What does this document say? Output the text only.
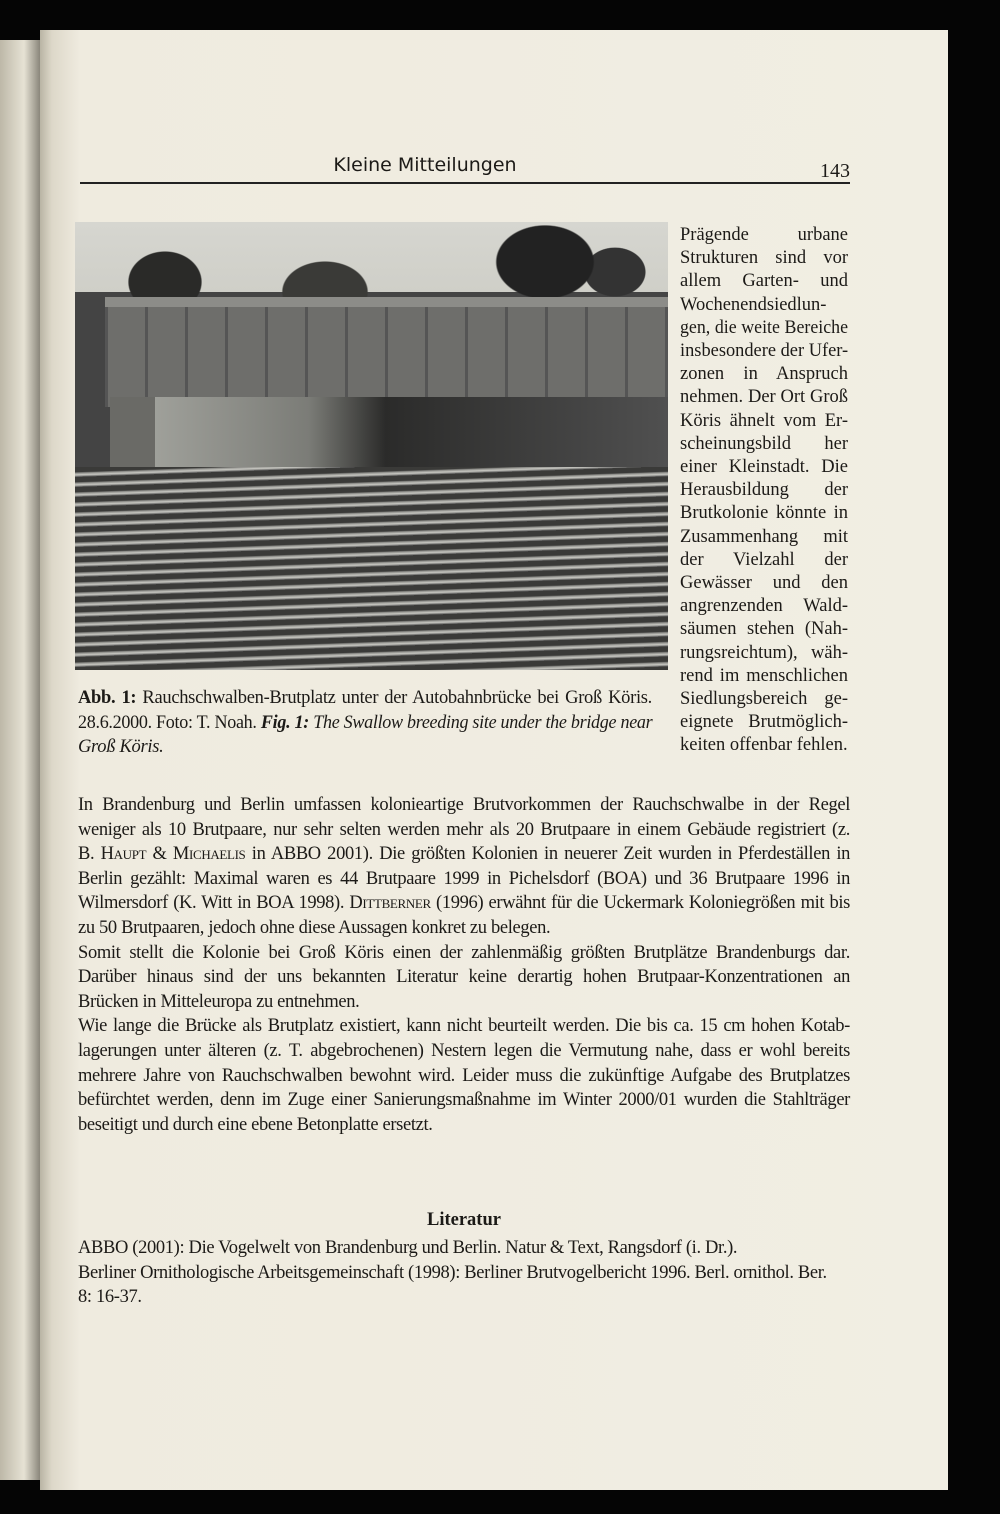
Kleine Mitteilungen	143
Abb. 1: Rauchschwalben-Brutplatz unter der Autobahnbrücke bei Groß Köris.
28.6.2000. Foto: T. Noah. Fig. 1: The Swallow breeding site under the bridge near
Groß Köris.
Prägende urbane
Strukturen sind vor
allem Garten- und
Wochenendsiedlun-
gen, die weite Bereiche
insbesondere der Ufer-
zonen in Anspruch
nehmen. Der Ort Groß
Köris ähnelt vom Er-
scheinungsbild her
einer Kleinstadt. Die
Herausbildung der
Brutkolonie könnte in
Zusammenhang mit
der Vielzahl der
Gewässer und den
angrenzenden Wald-
säumen stehen (Nah-
rungsreichtum), wäh-
rend im menschlichen
Siedlungsbereich ge-
eignete Brutmöglich-
keiten offenbar fehlen.
In Brandenburg und Berlin umfassen kolonieartige Brutvorkommen der Rauchschwalbe in der Regel
weniger als 10 Brutpaare, nur sehr selten werden mehr als 20 Brutpaare in einem Gebäude registriert (z.
B. Haupt & Michaelis in ABBO 2001). Die größten Kolonien in neuerer Zeit wurden in Pferdeställen in
Berlin gezählt: Maximal waren es 44 Brutpaare 1999 in Pichelsdorf (BOA) und 36 Brutpaare 1996 in
Wilmersdorf (K. Witt in BOA 1998). Dittberner (1996) erwähnt für die Uckermark Koloniegrößen mit bis
zu 50 Brutpaaren, jedoch ohne diese Aussagen konkret zu belegen.
Somit stellt die Kolonie bei Groß Köris einen der zahlenmäßig größten Brutplätze Brandenburgs dar.
Darüber hinaus sind der uns bekannten Literatur keine derartig hohen Brutpaar-Konzentrationen an
Brücken in Mitteleuropa zu entnehmen.
Wie lange die Brücke als Brutplatz existiert, kann nicht beurteilt werden. Die bis ca. 15 cm hohen Kotab-
lagerungen unter älteren (z. T. abgebrochenen) Nestern legen die Vermutung nahe, dass er wohl bereits
mehrere Jahre von Rauchschwalben bewohnt wird. Leider muss die zukünftige Aufgabe des Brutplatzes
befürchtet werden, denn im Zuge einer Sanierungsmaßnahme im Winter 2000/01 wurden die Stahlträger
beseitigt und durch eine ebene Betonplatte ersetzt.
Literatur
ABBO (2001): Die Vogelwelt von Brandenburg und Berlin. Natur & Text, Rangsdorf (i. Dr.).
Berliner Ornithologische Arbeitsgemeinschaft (1998): Berliner Brutvogelbericht 1996. Berl. ornithol. Ber.
8: 16-37.
